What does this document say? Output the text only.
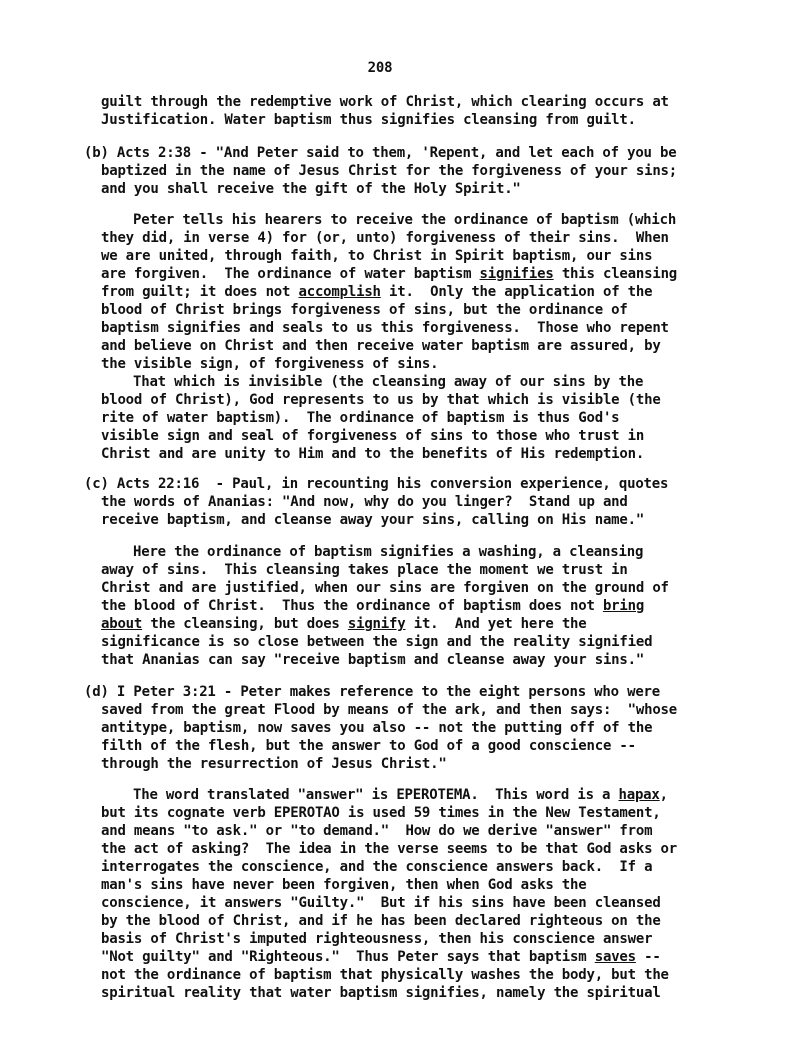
208
guilt through the redemptive work of Christ, which clearing occurs at
Justification. Water baptism thus signifies cleansing from guilt.
(b) Acts 2:38 - "And Peter said to them, 'Repent, and let each of you be
baptized in the name of Jesus Christ for the forgiveness of your sins;
and you shall receive the gift of the Holy Spirit."
Peter tells his hearers to receive the ordinance of baptism (which
they did, in verse 4) for (or, unto) forgiveness of their sins.  When
we are united, through faith, to Christ in Spirit baptism, our sins
are forgiven.  The ordinance of water baptism signifies this cleansing
from guilt; it does not accomplish it.  Only the application of the
blood of Christ brings forgiveness of sins, but the ordinance of
baptism signifies and seals to us this forgiveness.  Those who repent
and believe on Christ and then receive water baptism are assured, by
the visible sign, of forgiveness of sins.
That which is invisible (the cleansing away of our sins by the
blood of Christ), God represents to us by that which is visible (the
rite of water baptism).  The ordinance of baptism is thus God's
visible sign and seal of forgiveness of sins to those who trust in
Christ and are unity to Him and to the benefits of His redemption.
(c) Acts 22:16  - Paul, in recounting his conversion experience, quotes
the words of Ananias: "And now, why do you linger?  Stand up and
receive baptism, and cleanse away your sins, calling on His name."
Here the ordinance of baptism signifies a washing, a cleansing
away of sins.  This cleansing takes place the moment we trust in
Christ and are justified, when our sins are forgiven on the ground of
the blood of Christ.  Thus the ordinance of baptism does not bring
about the cleansing, but does signify it.  And yet here the
significance is so close between the sign and the reality signified
that Ananias can say "receive baptism and cleanse away your sins."
(d) I Peter 3:21 - Peter makes reference to the eight persons who were
saved from the great Flood by means of the ark, and then says:  "whose
antitype, baptism, now saves you also -- not the putting off of the
filth of the flesh, but the answer to God of a good conscience --
through the resurrection of Jesus Christ."
The word translated "answer" is EPEROTEMA.  This word is a hapax,
but its cognate verb EPEROTAO is used 59 times in the New Testament,
and means "to ask." or "to demand."  How do we derive "answer" from
the act of asking?  The idea in the verse seems to be that God asks or
interrogates the conscience, and the conscience answers back.  If a
man's sins have never been forgiven, then when God asks the
conscience, it answers "Guilty."  But if his sins have been cleansed
by the blood of Christ, and if he has been declared righteous on the
basis of Christ's imputed righteousness, then his conscience answer
"Not guilty" and "Righteous."  Thus Peter says that baptism saves --
not the ordinance of baptism that physically washes the body, but the
spiritual reality that water baptism signifies, namely the spiritual
